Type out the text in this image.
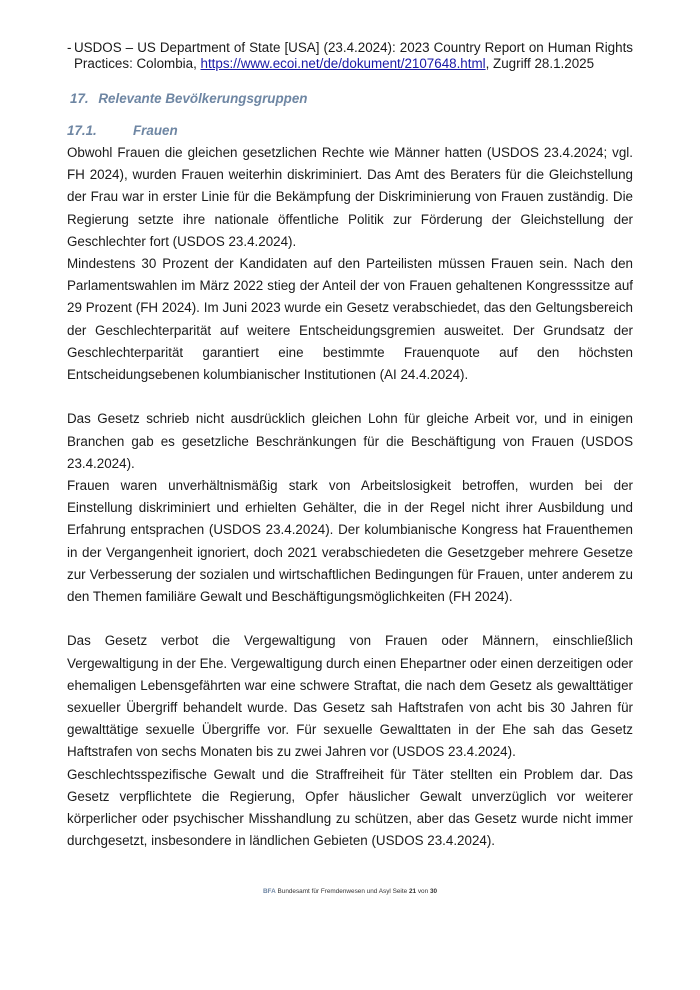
- USDOS – US Department of State [USA] (23.4.2024): 2023 Country Report on Human Rights Practices: Colombia, https://www.ecoi.net/de/dokument/2107648.html, Zugriff 28.1.2025
17. Relevante Bevölkerungsgruppen
17.1.	Frauen

Obwohl Frauen die gleichen gesetzlichen Rechte wie Männer hatten (USDOS 23.4.2024; vgl. FH 2024), wurden Frauen weiterhin diskriminiert. Das Amt des Beraters für die Gleichstellung der Frau war in erster Linie für die Bekämpfung der Diskriminierung von Frauen zuständig. Die Regierung setzte ihre nationale öffentliche Politik zur Förderung der Gleichstellung der Geschlechter fort (USDOS 23.4.2024).

Mindestens 30 Prozent der Kandidaten auf den Parteilisten müssen Frauen sein. Nach den Parlamentswahlen im März 2022 stieg der Anteil der von Frauen gehaltenen Kongresssitze auf 29 Prozent (FH 2024). Im Juni 2023 wurde ein Gesetz verabschiedet, das den Geltungsbereich der Geschlechterparität auf weitere Entscheidungsgremien ausweitet. Der Grundsatz der Geschlechterparität garantiert eine bestimmte Frauenquote auf den höchsten Entscheidungsebenen kolumbianischer Institutionen (AI 24.4.2024).

Das Gesetz schrieb nicht ausdrücklich gleichen Lohn für gleiche Arbeit vor, und in einigen Branchen gab es gesetzliche Beschränkungen für die Beschäftigung von Frauen (USDOS 23.4.2024).

Frauen waren unverhältnismäßig stark von Arbeitslosigkeit betroffen, wurden bei der Einstellung diskriminiert und erhielten Gehälter, die in der Regel nicht ihrer Ausbildung und Erfahrung entsprachen (USDOS 23.4.2024). Der kolumbianische Kongress hat Frauenthemen in der Vergangenheit ignoriert, doch 2021 verabschiedeten die Gesetzgeber mehrere Gesetze zur Verbesserung der sozialen und wirtschaftlichen Bedingungen für Frauen, unter anderem zu den Themen familiäre Gewalt und Beschäftigungsmöglichkeiten (FH 2024).

Das Gesetz verbot die Vergewaltigung von Frauen oder Männern, einschließlich Vergewaltigung in der Ehe. Vergewaltigung durch einen Ehepartner oder einen derzeitigen oder ehemaligen Lebensgefährten war eine schwere Straftat, die nach dem Gesetz als gewalttätiger sexueller Übergriff behandelt wurde. Das Gesetz sah Haftstrafen von acht bis 30 Jahren für gewalttätige sexuelle Übergriffe vor. Für sexuelle Gewalttaten in der Ehe sah das Gesetz Haftstrafen von sechs Monaten bis zu zwei Jahren vor (USDOS 23.4.2024).

Geschlechtsspezifische Gewalt und die Straffreiheit für Täter stellten ein Problem dar. Das Gesetz verpflichtete die Regierung, Opfer häuslicher Gewalt unverzüglich vor weiterer körperlicher oder psychischer Misshandlung zu schützen, aber das Gesetz wurde nicht immer durchgesetzt, insbesondere in ländlichen Gebieten (USDOS 23.4.2024).

BFA Bundesamt für Fremdenwesen und Asyl Seite 21 von 30
